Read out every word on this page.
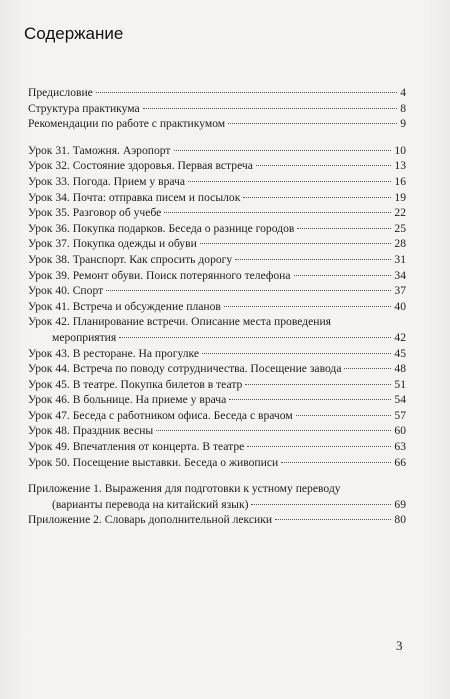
Содержание
Предисловие	4
Структура практикума	8
Рекомендации по работе с практикумом	9
Урок 31. Таможня. Аэропорт	10
Урок 32. Состояние здоровья. Первая встреча	13
Урок 33. Погода. Прием у врача	16
Урок 34. Почта: отправка писем и посылок	19
Урок 35. Разговор об учебе	22
Урок 36. Покупка подарков. Беседа о разнице городов	25
Урок 37. Покупка одежды и обуви	28
Урок 38. Транспорт. Как спросить дорогу	31
Урок 39. Ремонт обуви. Поиск потерянного телефона	34
Урок 40. Спорт	37
Урок 41. Встреча и обсуждение планов	40
Урок 42. Планирование встречи. Описание места проведения
мероприятия	42
Урок 43. В ресторане. На прогулке	45
Урок 44. Встреча по поводу сотрудничества. Посещение завода	48
Урок 45. В театре. Покупка билетов в театр	51
Урок 46. В больнице. На приеме у врача	54
Урок 47. Беседа с работником офиса. Беседа с врачом	57
Урок 48. Праздник весны	60
Урок 49. Впечатления от концерта. В театре	63
Урок 50. Посещение выставки. Беседа о живописи	66
Приложение 1. Выражения для подготовки к устному переводу
(варианты перевода на китайский язык)	69
Приложение 2. Словарь дополнительной лексики	80
3
